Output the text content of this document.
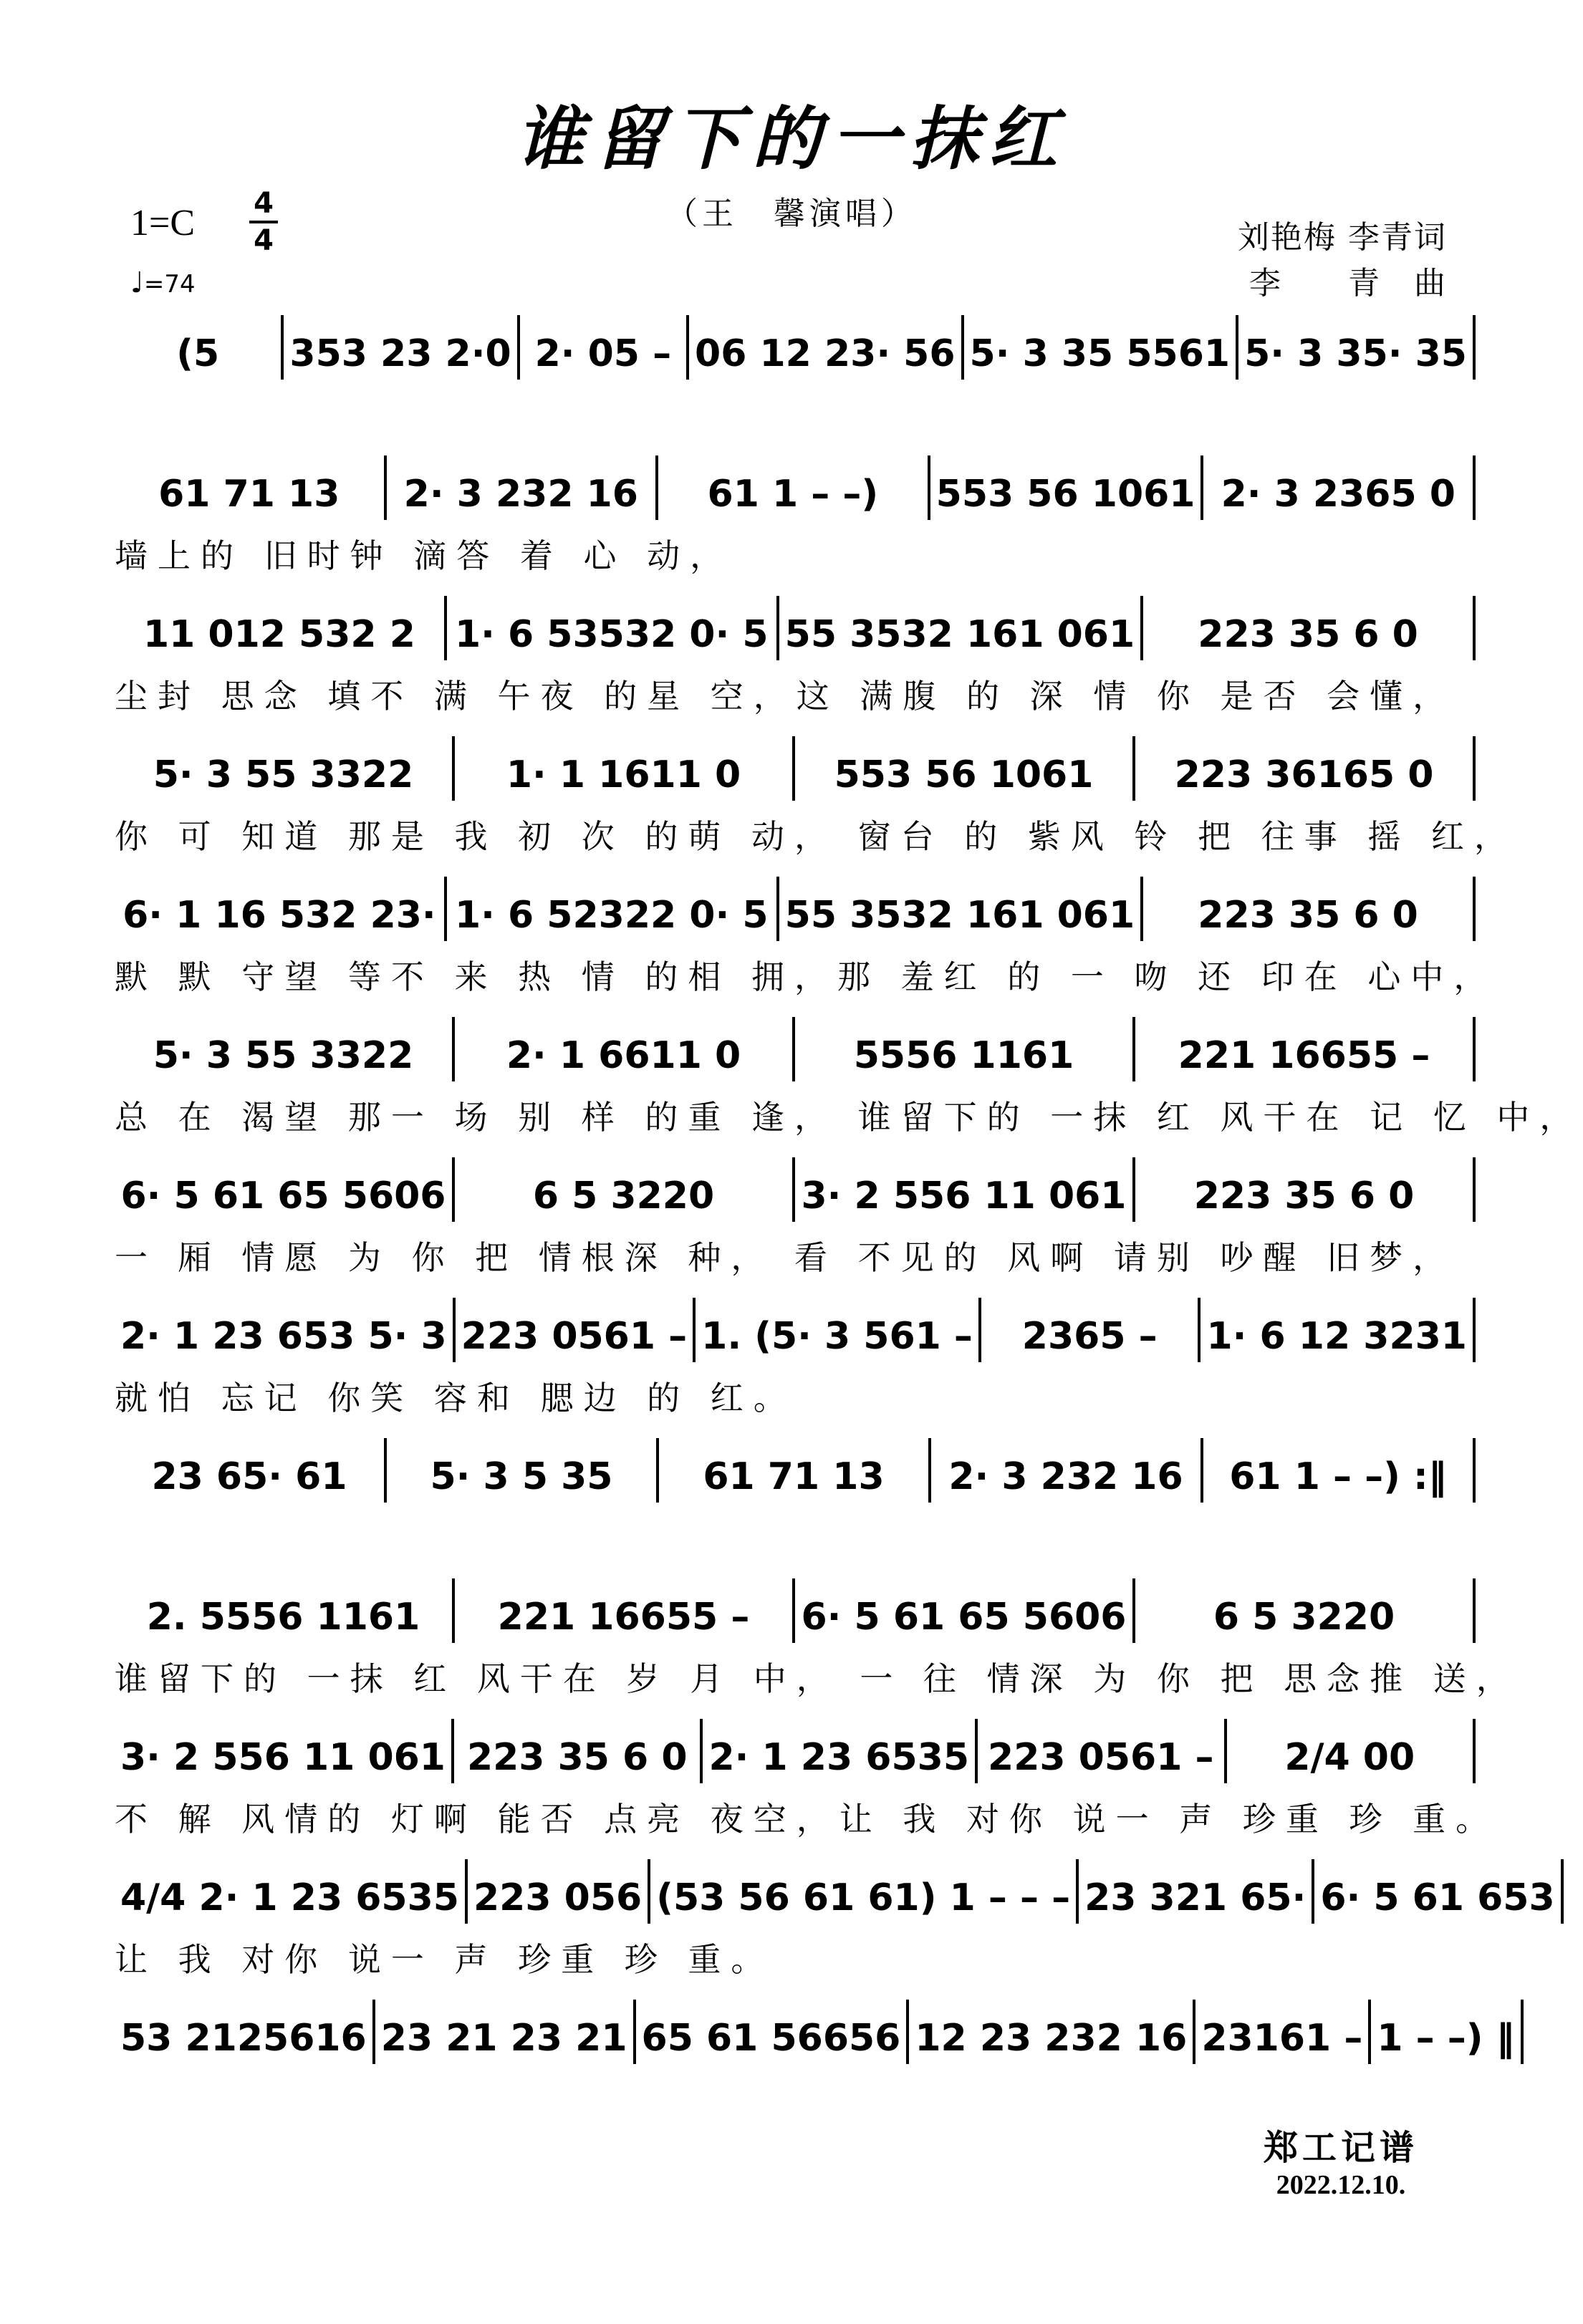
谁留下的一抹红
（王　馨演唱）
1=C 4
4
♩=74
刘艳梅 李青词
李　　青　曲
(5 353 23 2·0 2· 05 – 06 12 23· 56 5· 3 35 5561 5· 3 35· 35
61 71 13 2· 3 232 16 61 1 – –) 553 56 1061 2· 3 2365 0
墙上的 旧时钟 滴答 着 心 动，
11 012 532 2 1· 6 53532 0· 5 55 3532 161 061 223 35 6 0
尘封 思念 填不 满 午夜 的星 空，这 满腹 的 深 情 你 是否 会懂，
5· 3 55 3322 1· 1 1611 0	553 56 1061 223 36165 0
你 可 知道 那是 我 初 次 的萌 动， 窗台 的 紫风 铃 把 往事 摇 红，
6· 1 16 532 23· 1· 6 52322 0· 5 55 3532 161 061 223 35 6 0
默 默 守望 等不 来 热 情 的相 拥，那 羞红 的 一 吻 还 印在 心中，
5· 3 55 3322 2· 1 6611 0	5556 1161	221 16655 –
总 在 渴望 那一 场 别 样 的重 逢， 谁留下的 一抹 红 风干在 记 忆 中，
6· 5 61 65 5606 6 5 3220 3· 2 556 11 061 223 35 6 0
一 厢 情愿 为 你 把 情根深 种， 看 不见的 风啊 请别 吵醒 旧梦，
2· 1 23 653 5· 3 223 0561 – 1. (5· 3 561 – 2365 – 1· 6 12 3231
就怕 忘记 你笑 容和 腮边 的 红。
23 65· 61 5· 3 5 35 61 71 13 2· 3 232 16 61 1 – –) :‖
2. 5556 1161 221 16655 – 6· 5 61 65 5606 6 5 3220
谁留下的 一抹 红 风干在 岁 月 中， 一 往 情深 为 你 把 思念推 送，
3· 2 556 11 061 223 35 6 0 2· 1 23 6535 223 0561 – 2/4 00
不 解 风情的 灯啊 能否 点亮 夜空，让 我 对你 说一 声 珍重 珍 重。
4/4 2· 1 23 6535 223 056 (53 56 61 61) 1 – – – 23 321 65· 6· 5 61 653
让 我 对你 说一 声 珍重 珍 重。
53 2125616 23 21 23 21 65 61 56656 12 23 232 16 23161 – 1 – –) ‖
郑工记谱
2022.12.10.
